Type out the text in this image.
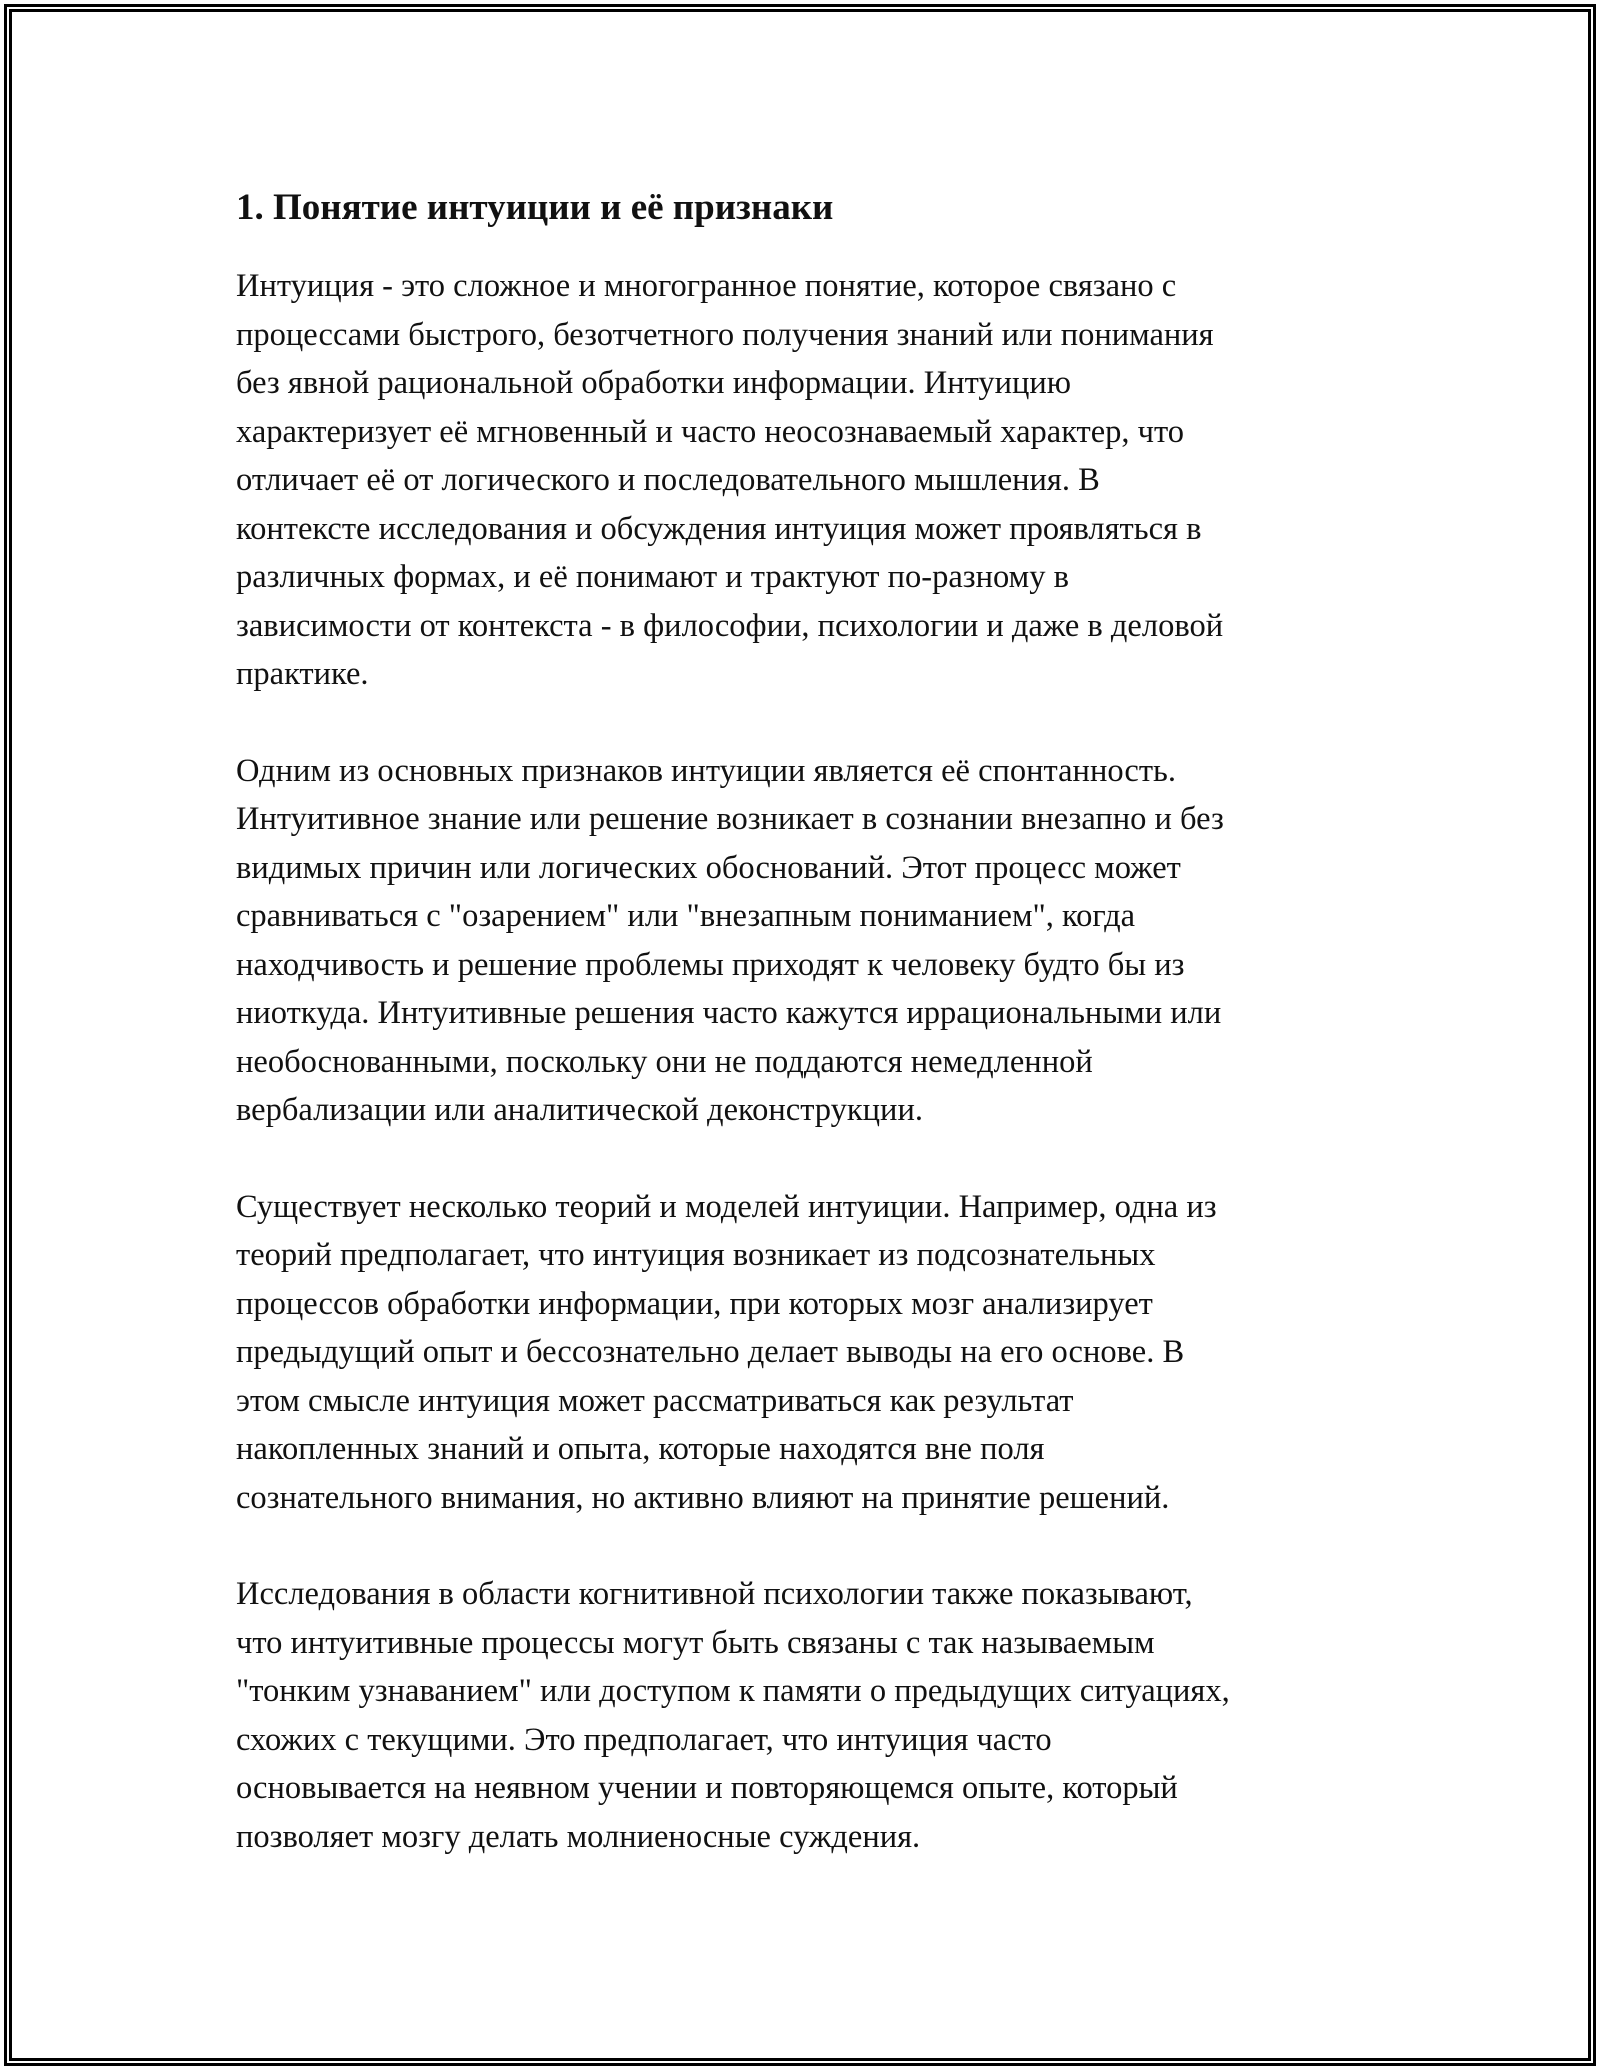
1. Понятие интуиции и её признаки
Интуиция - это сложное и многогранное понятие, которое связано с
процессами быстрого, безотчетного получения знаний или понимания
без явной рациональной обработки информации. Интуицию
характеризует её мгновенный и часто неосознаваемый характер, что
отличает её от логического и последовательного мышления. В
контексте исследования и обсуждения интуиция может проявляться в
различных формах, и её понимают и трактуют по-разному в
зависимости от контекста - в философии, психологии и даже в деловой
практике.
Одним из основных признаков интуиции является её спонтанность.
Интуитивное знание или решение возникает в сознании внезапно и без
видимых причин или логических обоснований. Этот процесс может
сравниваться с "озарением" или "внезапным пониманием", когда
находчивость и решение проблемы приходят к человеку будто бы из
ниоткуда. Интуитивные решения часто кажутся иррациональными или
необоснованными, поскольку они не поддаются немедленной
вербализации или аналитической деконструкции.
Существует несколько теорий и моделей интуиции. Например, одна из
теорий предполагает, что интуиция возникает из подсознательных
процессов обработки информации, при которых мозг анализирует
предыдущий опыт и бессознательно делает выводы на его основе. В
этом смысле интуиция может рассматриваться как результат
накопленных знаний и опыта, которые находятся вне поля
сознательного внимания, но активно влияют на принятие решений.
Исследования в области когнитивной психологии также показывают,
что интуитивные процессы могут быть связаны с так называемым
"тонким узнаванием" или доступом к памяти о предыдущих ситуациях,
схожих с текущими. Это предполагает, что интуиция часто
основывается на неявном учении и повторяющемся опыте, который
позволяет мозгу делать молниеносные суждения.
